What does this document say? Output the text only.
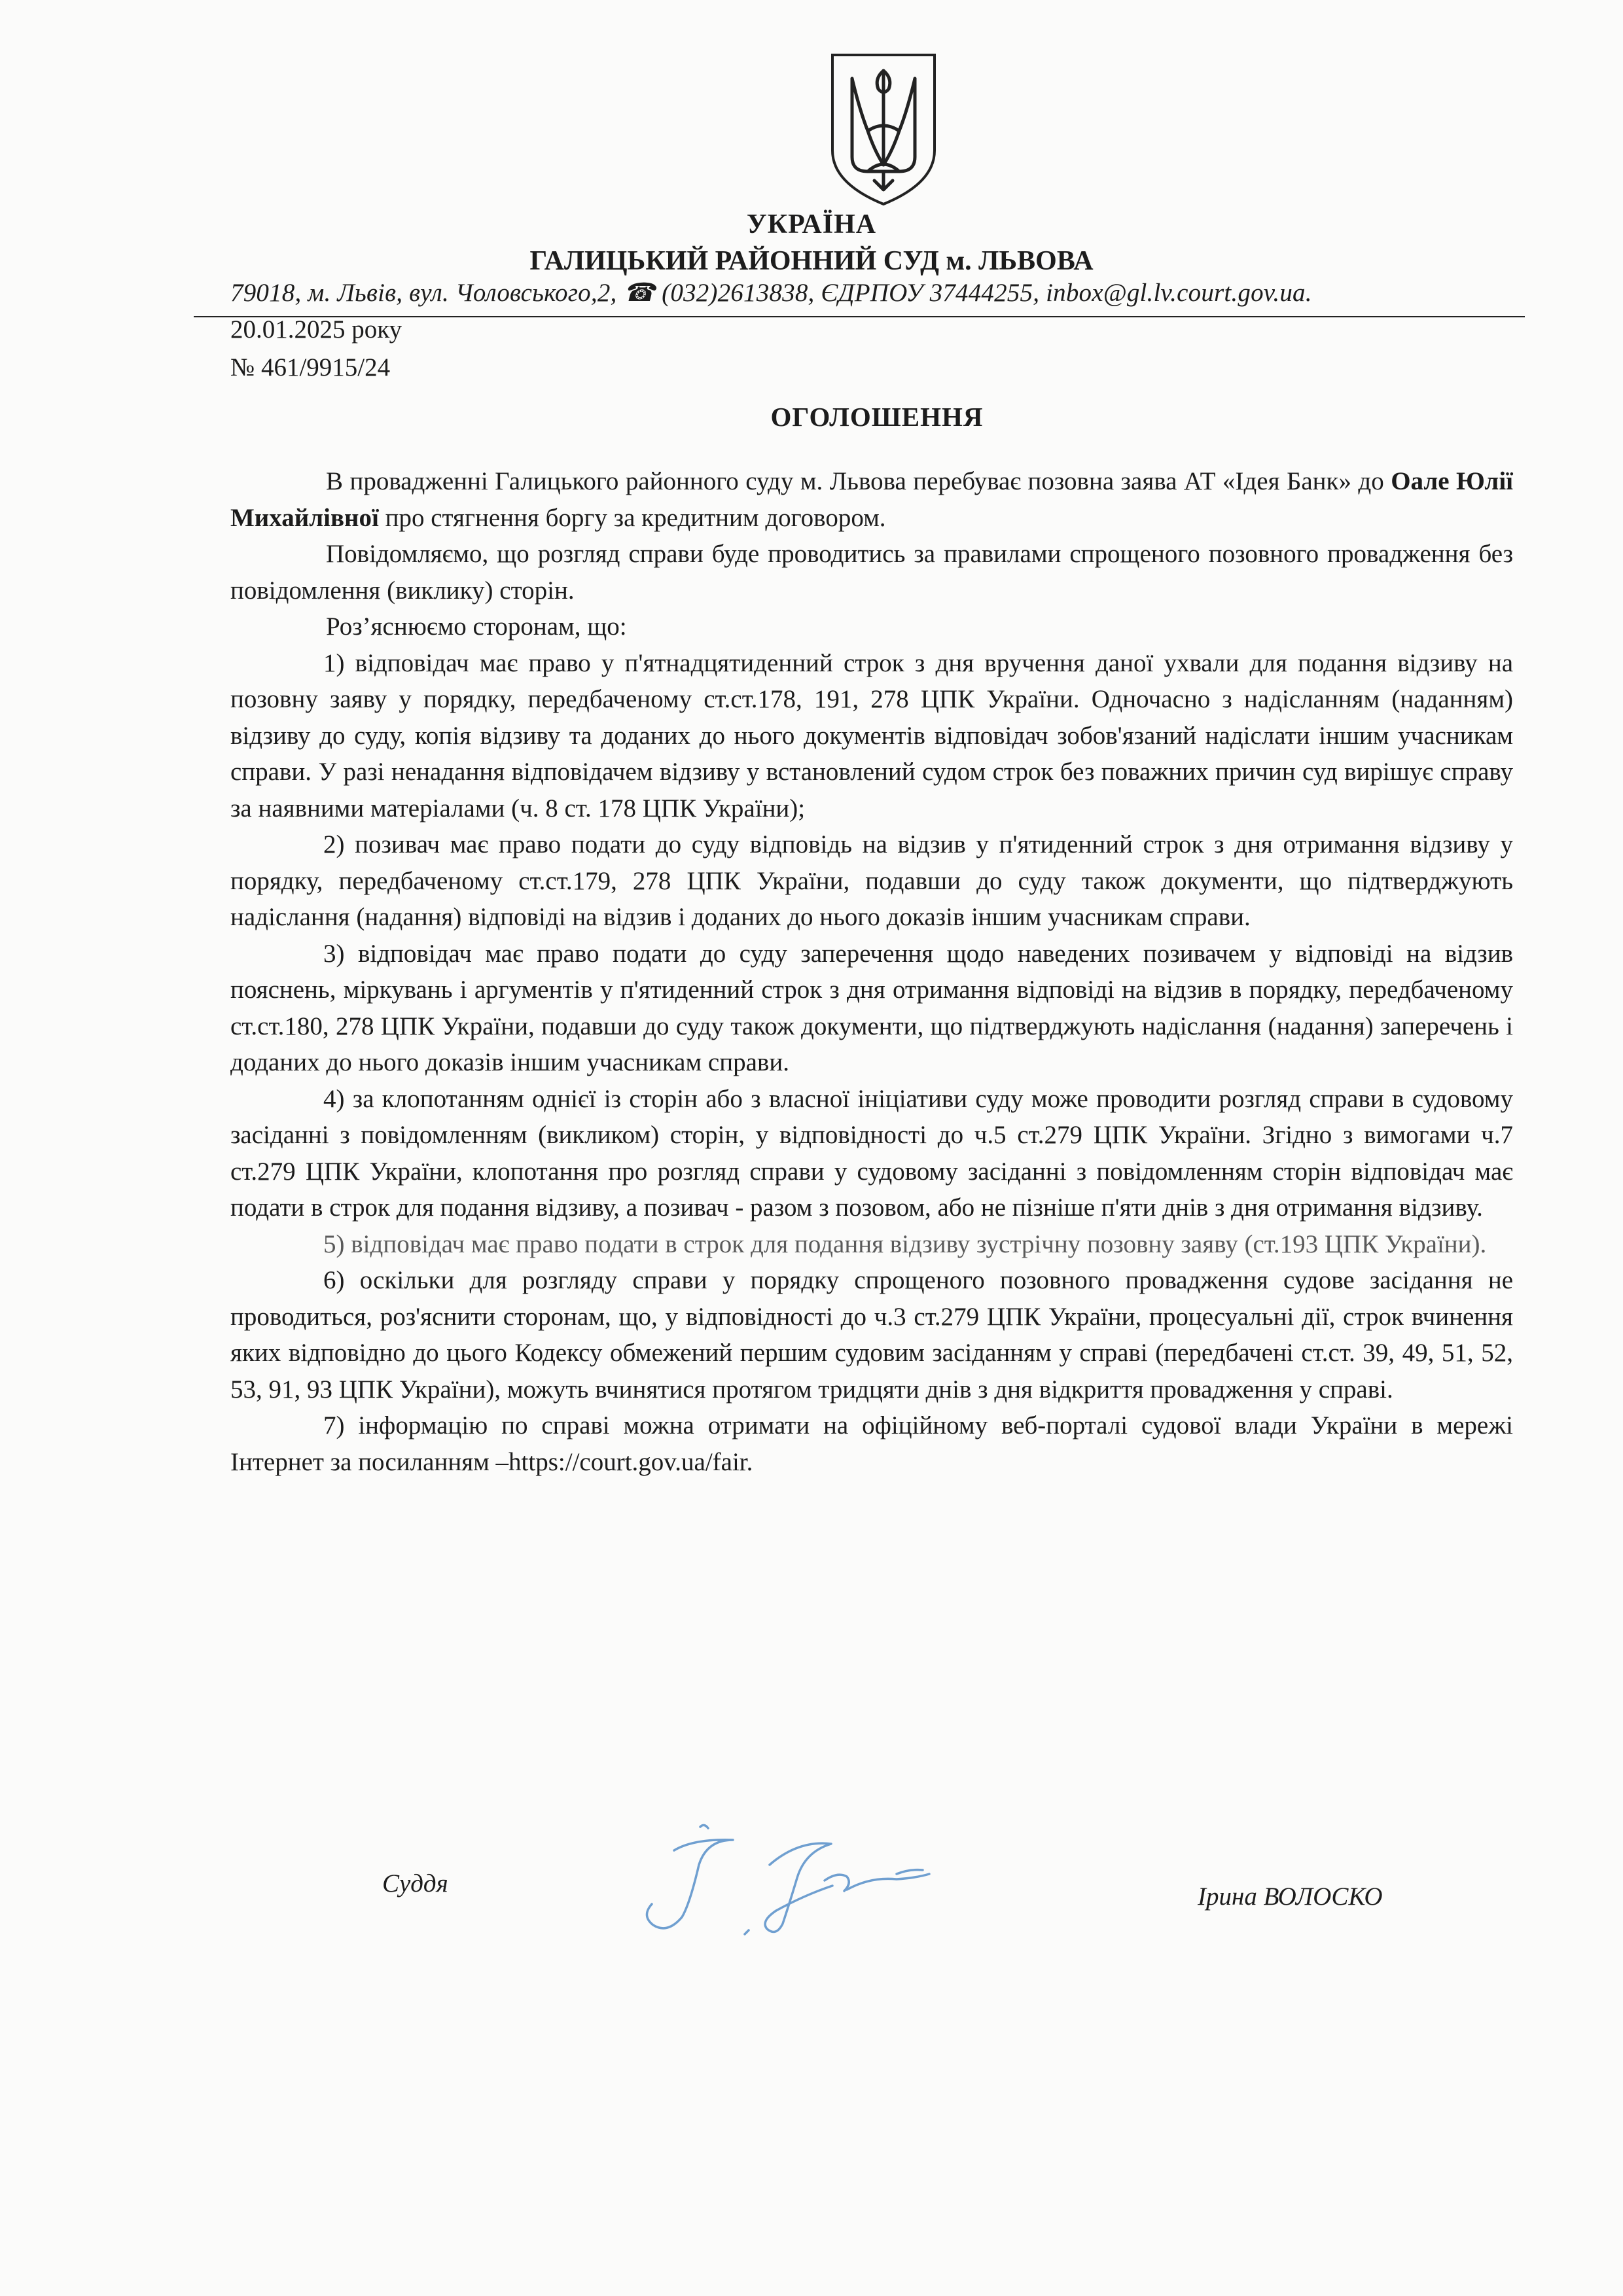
УКРАЇНА
ГАЛИЦЬКИЙ РАЙОННИЙ СУД м. ЛЬВОВА
79018, м. Львів, вул. Чоловського,2, ☎ (032)2613838, ЄДРПОУ 37444255, inbox@gl.lv.court.gov.ua.
20.01.2025 року
№ 461/9915/24
ОГОЛОШЕННЯ

В провадженні Галицького районного суду м. Львова перебуває позовна заява АТ «Ідея Банк» до Оале Юлії Михайлівної про стягнення боргу за кредитним договором.

Повідомляємо, що розгляд справи буде проводитись за правилами спрощеного позовного провадження без повідомлення (виклику) сторін.

Роз’яснюємо сторонам, що:

1) відповідач має право у п'ятнадцятиденний строк з дня вручення даної ухвали для подання відзиву на позовну заяву у порядку, передбаченому ст.ст.178, 191, 278 ЦПК України. Одночасно з надісланням (наданням) відзиву до суду, копія відзиву та доданих до нього документів відповідач зобов'язаний надіслати іншим учасникам справи. У разі ненадання відповідачем відзиву у встановлений судом строк без поважних причин суд вирішує справу за наявними матеріалами (ч. 8 ст. 178 ЦПК України);

2) позивач має право подати до суду відповідь на відзив у п'ятиденний строк з дня отримання відзиву у порядку, передбаченому ст.ст.179, 278 ЦПК України, подавши до суду також документи, що підтверджують надіслання (надання) відповіді на відзив і доданих до нього доказів іншим учасникам справи.

3) відповідач має право подати до суду заперечення щодо наведених позивачем у відповіді на відзив пояснень, міркувань і аргументів у п'ятиденний строк з дня отримання відповіді на відзив в порядку, передбаченому ст.ст.180, 278 ЦПК України, подавши до суду також документи, що підтверджують надіслання (надання) заперечень і доданих до нього доказів іншим учасникам справи.

4) за клопотанням однієї із сторін або з власної ініціативи суду може проводити розгляд справи в судовому засіданні з повідомленням (викликом) сторін, у відповідності до ч.5 ст.279 ЦПК України. Згідно з вимогами ч.7 ст.279 ЦПК України, клопотання про розгляд справи у судовому засіданні з повідомленням сторін відповідач має подати в строк для подання відзиву, а позивач - разом з позовом, або не пізніше п'яти днів з дня отримання відзиву.

5) відповідач має право подати в строк для подання відзиву зустрічну позовну заяву (ст.193 ЦПК України).

6) оскільки для розгляду справи у порядку спрощеного позовного провадження судове засідання не проводиться, роз'яснити сторонам, що, у відповідності до ч.3 ст.279 ЦПК України, процесуальні дії, строк вчинення яких відповідно до цього Кодексу обмежений першим судовим засіданням у справі (передбачені ст.ст. 39, 49, 51, 52, 53, 91, 93 ЦПК України), можуть вчинятися протягом тридцяти днів з дня відкриття провадження у справі.

7) інформацію по справі можна отримати на офіційному веб-порталі судової влади України в мережі Інтернет за посиланням –https://court.gov.ua/fair.

Суддя	Ірина ВОЛОСКО
